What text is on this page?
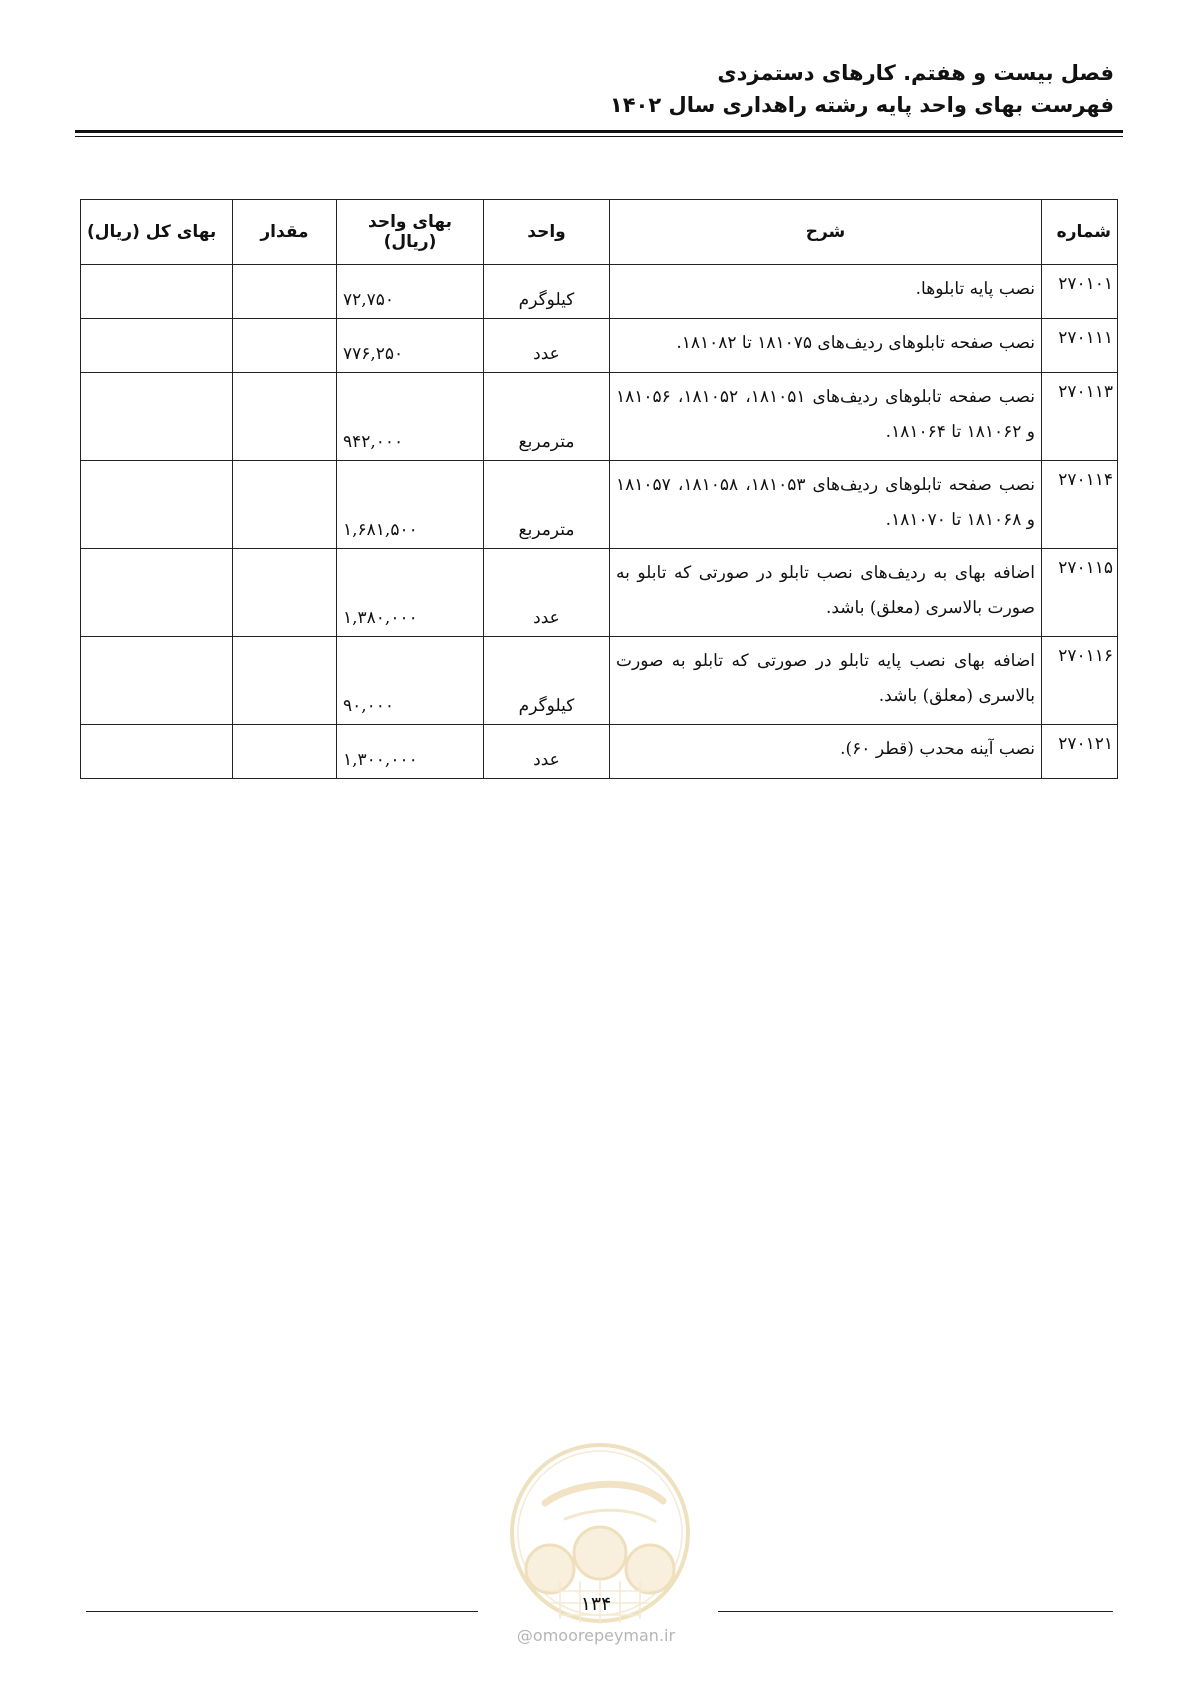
فصل بیست و هفتم. کارهای دستمزدی
فهرست بهای واحد پایه رشته راهداری سال ۱۴۰۲
شماره	شرح	واحد	بهای واحد (ریال)	مقدار	بهای کل (ریال)
۲۷۰۱۰۱	نصب پایه تابلوها.	کیلوگرم	۷۲,۷۵۰		
۲۷۰۱۱۱	نصب صفحه تابلوهای ردیف‌های ۱۸۱۰۷۵ تا ۱۸۱۰۸۲.	عدد	۷۷۶,۲۵۰		
۲۷۰۱۱۳	نصب صفحه تابلوهای ردیف‌های ۱۸۱۰۵۱، ۱۸۱۰۵۲، ۱۸۱۰۵۶ و ۱۸۱۰۶۲ تا ۱۸۱۰۶۴.	مترمربع	۹۴۲,۰۰۰		
۲۷۰۱۱۴	نصب صفحه تابلوهای ردیف‌های ۱۸۱۰۵۳، ۱۸۱۰۵۸، ۱۸۱۰۵۷ و ۱۸۱۰۶۸ تا ۱۸۱۰۷۰.	مترمربع	۱,۶۸۱,۵۰۰		
۲۷۰۱۱۵	اضافه بهای به ردیف‌های نصب تابلو در صورتی که تابلو به صورت بالاسری (معلق) باشد.	عدد	۱,۳۸۰,۰۰۰		
۲۷۰۱۱۶	اضافه بهای نصب پایه تابلو در صورتی که تابلو به صورت بالاسری (معلق) باشد.	کیلوگرم	۹۰,۰۰۰		
۲۷۰۱۲۱	نصب آینه محدب (قطر ۶۰).	عدد	۱,۳۰۰,۰۰۰		
۱۳۴
@omoorepeyman.ir
